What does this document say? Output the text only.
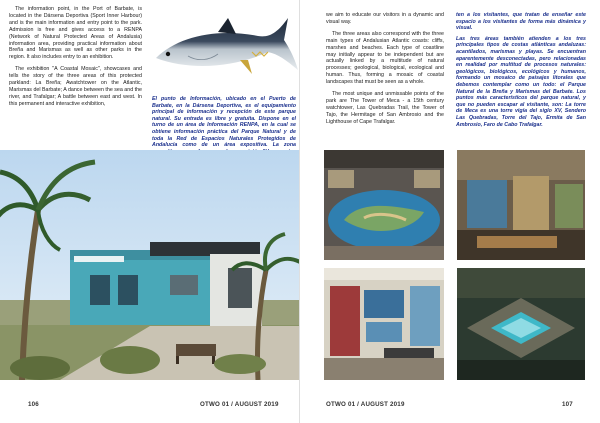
The information point, in the Port of Barbate, is located in the Dársena Deportiva (Sport Inner Harbour) and is the main information and entry point to the park. Admission is free and gives access to a RENPA (Network of Natural Protected Areas of Andalusia) information area, providing practical information about Breña and Marismas as well as other parks in the region. It also includes entry to an exhibition.

The exhibition "A Coastal Mosaic", showcases and tells the story of the three areas of this protected parkland: La Breña; Awatchtower on the Atlantic, Marismas del Barbate; A dance between the sea and the river, and Trafalgar; A battle between east and west. In this permanent and interactive exhibition,

El punto de Información, ubicado en el Puerto de Barbate, en la Dársena Deportiva, es el equipamiento principal de información y recepción de este parque natural. Su entrada es libre y gratuita. Dispone en el turno de un área de Información RENPA, en la cual se obtiene información práctica del Parque Natural y de toda la Red de Espacios Naturales Protegidos de Andalucía como de un área expositiva. La zona

106	OTWO 01 / AUGUST 2019

we aim to educate our visitors in a dynamic and visual way.

The three areas also correspond with the three main types of Andalusian Atlantic coasts: cliffs, marshes and beaches. Each type of coastline may initially appear to be independent but are actually linked by a multitude of natural processes; geological, biological, ecological and human. Thus, forming a mosaic of coastal landscapes that must be seen as a whole.

The most unique and unmissable points of the park are The Tower of Meca - a 15th century watchtower, Las Quebradas Trail, the Tower of Tajo, the Hermitage of San Ambrosio and the Lighthouse of Cape Trafalgar.

ten a los visitantes, que tratan de enseñar este espacio a los visitantes de forma más dinámica y visual.

Las tres áreas también atienden a los tres principales tipos de costas atlánticas andaluzas: acantilados, marismas y playas. Se encuentran aparentemente desconectadas, pero relacionadas en realidad por multitud de procesos naturales: geológicos, biológicos, ecológicos y humanos, formando un mosaico de paisajes litorales que debemos contemplar como un todo: el Parque Natural de la Breña y Marismas del Barbate. Los puntos más característicos del parque natural, y que no pueden escapar al visitante, son: La torre de Meca es una torre vigía del siglo XV, Sendero Las Quebradas, Torre del Tajo, Ermita de San Ambrosio, Faro de Cabo Trafalgar.

OTWO 01 / AUGUST 2019	107
